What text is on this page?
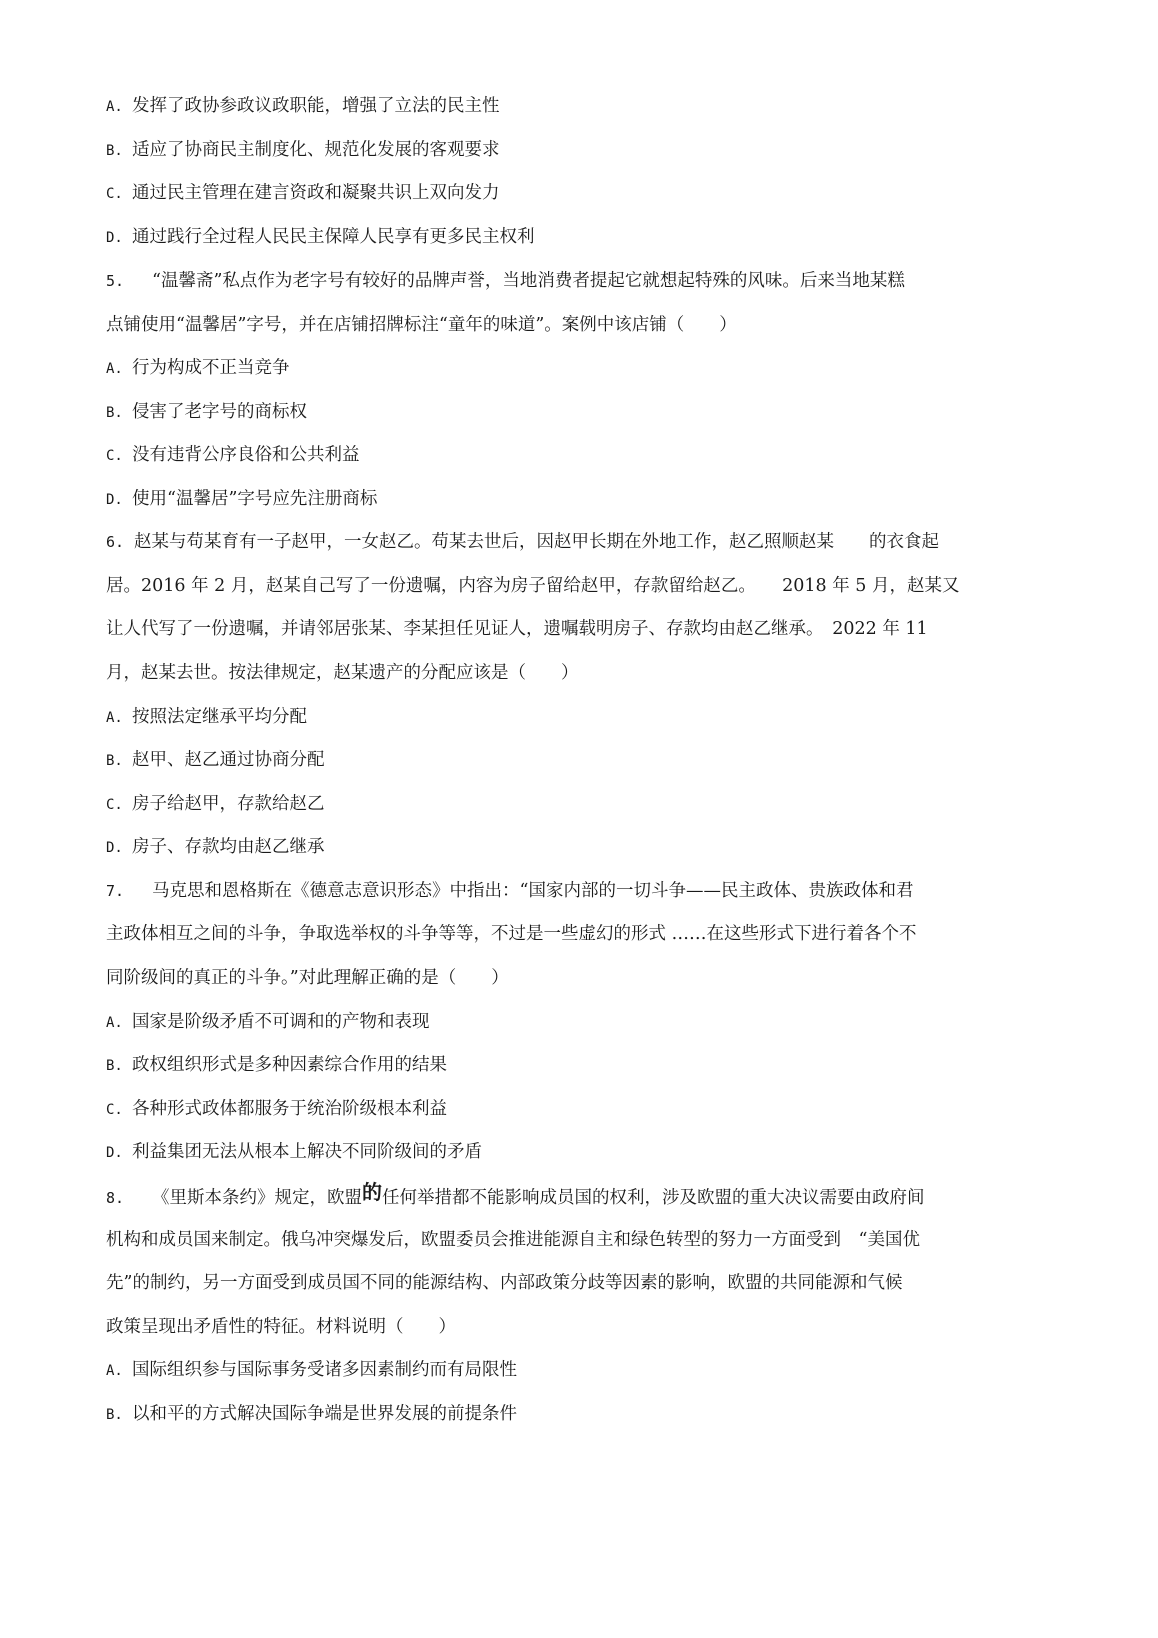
A. 发挥了政协参政议政职能，增强了立法的民主性
B. 适应了协商民主制度化、规范化发展的客观要求
C. 通过民主管理在建言资政和凝聚共识上双向发力
D. 通过践行全过程人民民主保障人民享有更多民主权利
5. “温馨斋”私点作为老字号有较好的品牌声誉，当地消费者提起它就想起特殊的风味。后来当地某糕
点铺使用“温馨居”字号，并在店铺招牌标注“童年的味道”。案例中该店铺（　　）
A. 行为构成不正当竞争
B. 侵害了老字号的商标权
C. 没有违背公序良俗和公共利益
D. 使用“温馨居”字号应先注册商标
6. 赵某与苟某育有一子赵甲，一女赵乙。苟某去世后，因赵甲长期在外地工作，赵乙照顺赵某　　的衣食起
居。2016 年 2 月，赵某自己写了一份遗嘱，内容为房子留给赵甲，存款留给赵乙。　　2018 年 5 月，赵某又
让人代写了一份遗嘱，并请邻居张某、李某担任见证人，遗嘱载明房子、存款均由赵乙继承。　2022 年 11
月，赵某去世。按法律规定，赵某遗产的分配应该是（　　）
A. 按照法定继承平均分配
B. 赵甲、赵乙通过协商分配
C. 房子给赵甲，存款给赵乙
D. 房子、存款均由赵乙继承
7. 马克思和恩格斯在《德意志意识形态》中指出：“国家内部的一切斗争——民主政体、贵族政体和君
主政体相互之间的斗争，争取选举权的斗争等等，不过是一些虚幻的形式 ……在这些形式下进行着各个不
同阶级间的真正的斗争。”对此理解正确的是（　　）
A. 国家是阶级矛盾不可调和的产物和表现
B. 政权组织形式是多种因素综合作用的结果
C. 各种形式政体都服务于统治阶级根本利益
D. 利益集团无法从根本上解决不同阶级间的矛盾
8. 《里斯本条约》规定，欧盟的任何举措都不能影响成员国的权利，涉及欧盟的重大决议需要由政府间
机构和成员国来制定。俄乌冲突爆发后，欧盟委员会推进能源自主和绿色转型的努力一方面受到　“美国优
先”的制约，另一方面受到成员国不同的能源结构、内部政策分歧等因素的影响，欧盟的共同能源和气候
政策呈现出矛盾性的特征。材料说明（　　）
A. 国际组织参与国际事务受诸多因素制约而有局限性
B. 以和平的方式解决国际争端是世界发展的前提条件
